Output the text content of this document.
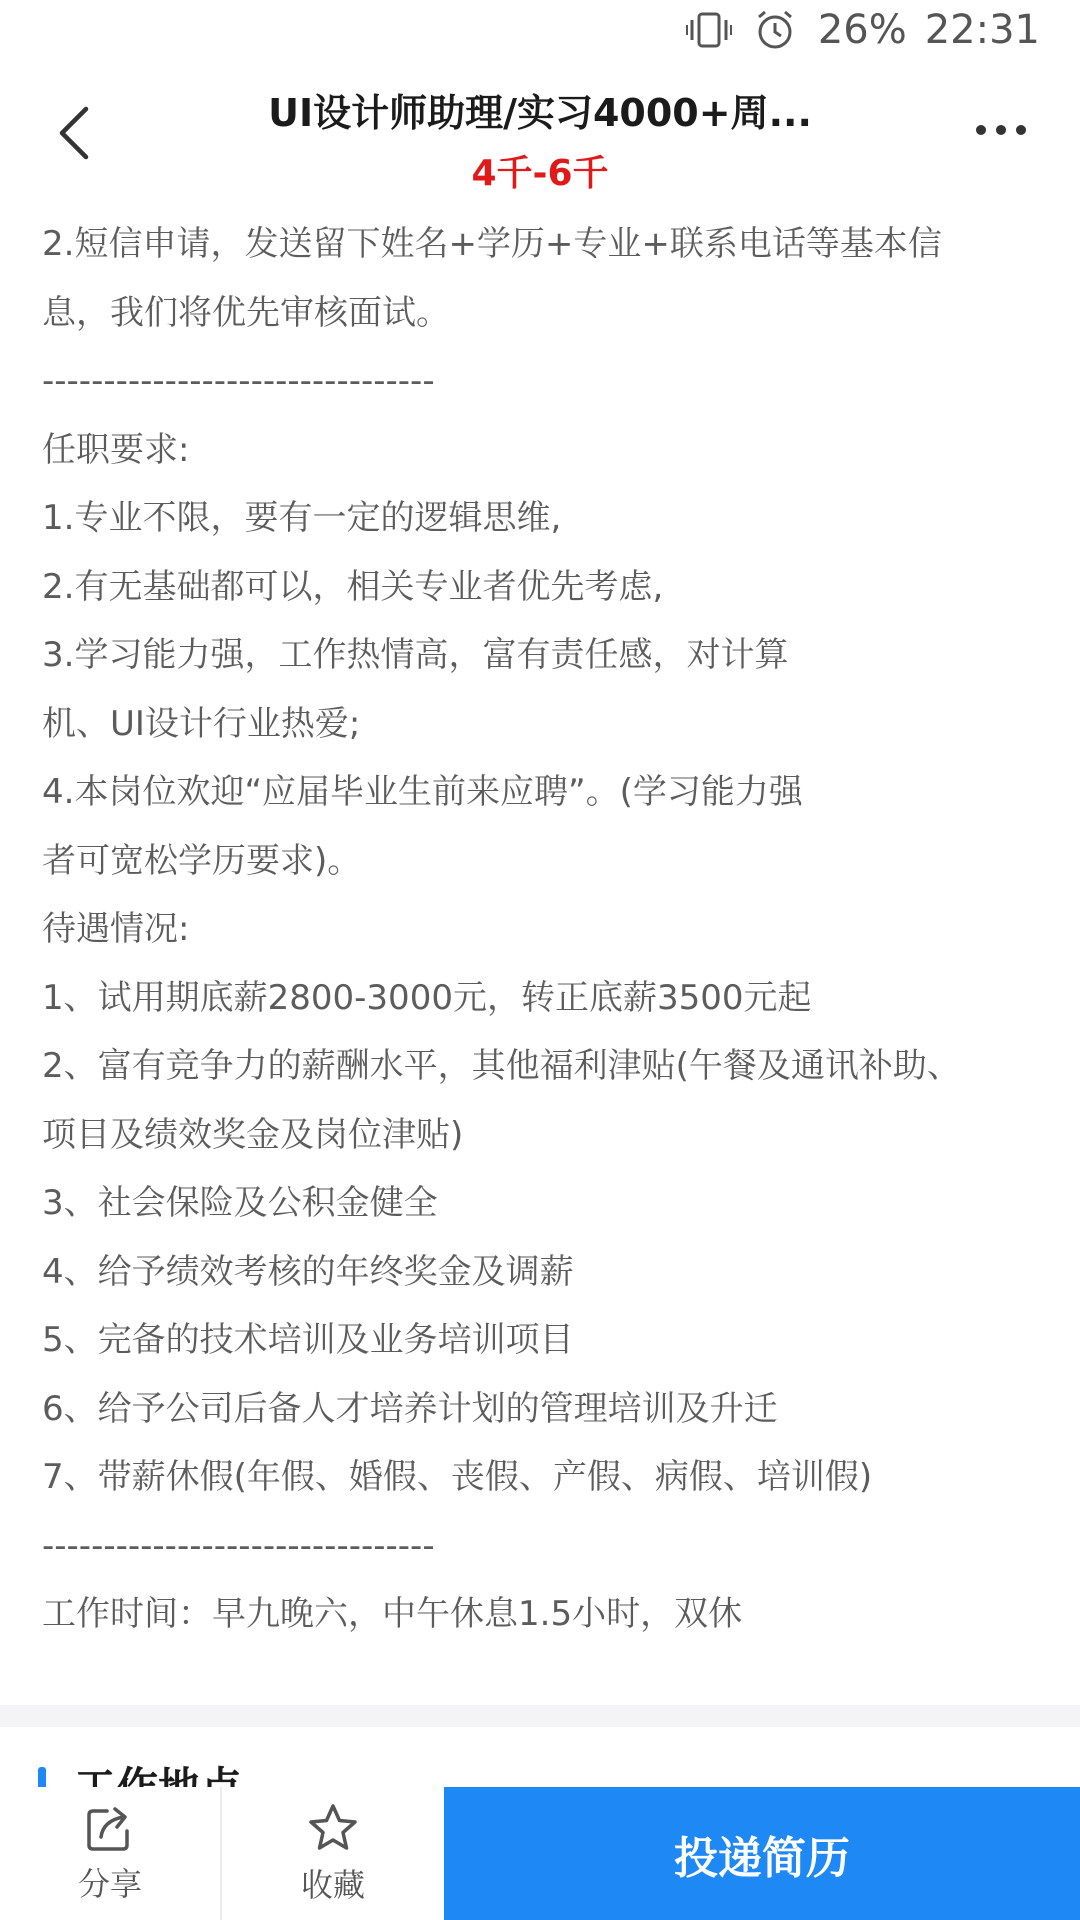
26% 22:31
UI设计师助理/实习4000+周...
4千-6千
2.短信申请，发送留下姓名+学历+专业+联系电话等基本信
息，我们将优先审核面试。
--------------------------------
任职要求:
1.专业不限，要有一定的逻辑思维,
2.有无基础都可以，相关专业者优先考虑,
3.学习能力强，工作热情高，富有责任感，对计算
机、UI设计行业热爱;
4.本岗位欢迎“应届毕业生前来应聘”。(学习能力强
者可宽松学历要求)。
待遇情况:
1、试用期底薪2800-3000元，转正底薪3500元起
2、富有竞争力的薪酬水平，其他福利津贴(午餐及通讯补助、
项目及绩效奖金及岗位津贴)
3、社会保险及公积金健全
4、给予绩效考核的年终奖金及调薪
5、完备的技术培训及业务培训项目
6、给予公司后备人才培养计划的管理培训及升迁
7、带薪休假(年假、婚假、丧假、产假、病假、培训假)
--------------------------------
工作时间：早九晚六，中午休息1.5小时，双休
分享	收藏
投递简历
